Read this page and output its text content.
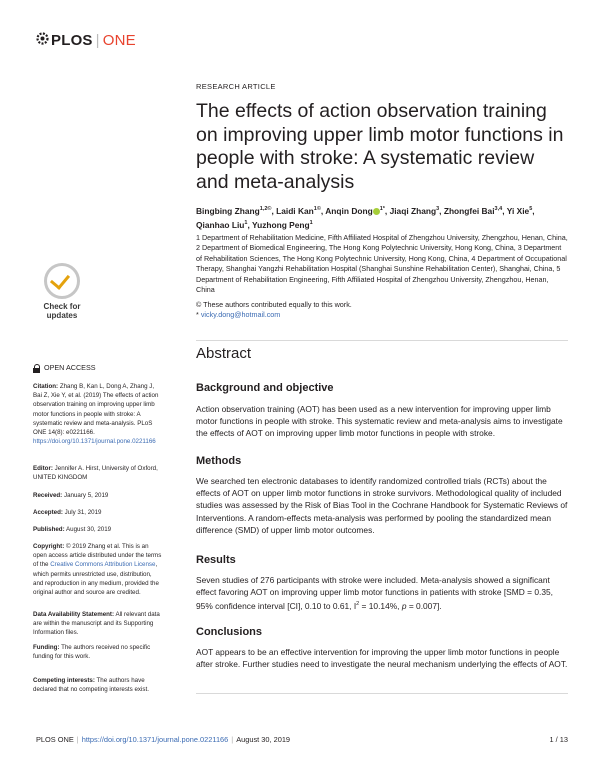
PLOS | ONE
RESEARCH ARTICLE
The effects of action observation training on improving upper limb motor functions in people with stroke: A systematic review and meta-analysis
Bingbing Zhang$^{1,2©}$, Laidi Kan$^{1©}$, Anqin Dong $^{1*}$, Jiaqi Zhang$^3$, Zhongfei Bai$^{3,4}$, Yi Xie$^5$,
Qianhao Liu$^1$, Yuzhong Peng$^1$
1 Department of Rehabilitation Medicine, Fifth Affiliated Hospital of Zhengzhou University, Zhengzhou, Henan, China, 2 Department of Biomedical Engineering, The Hong Kong Polytechnic University, Hong Kong, China, 3 Department of Rehabilitation Sciences, The Hong Kong Polytechnic University, Hong Kong, China, 4 Department of Occupational Therapy, Shanghai Yangzhi Rehabilitation Hospital (Shanghai Sunshine Rehabilitation Center), Shanghai, China, 5 Department of Rehabilitation Engineering, Fifth Affiliated Hospital of Zhengzhou University, Zhengzhou, Henan, China
© These authors contributed equally to this work.
* vicky.dong@hotmail.com
Abstract
Background and objective
Action observation training (AOT) has been used as a new intervention for improving upper limb motor functions in people with stroke. This systematic review and meta-analysis aims to investigate the effects of AOT on improving upper limb motor functions in people with stroke.
Methods
We searched ten electronic databases to identify randomized controlled trials (RCTs) about the effects of AOT on upper limb motor functions in stroke survivors. Methodological quality of included studies was assessed by the Risk of Bias Tool in the Cochrane Handbook for Systematic Reviews of Interventions. A random-effects meta-analysis was performed by pooling the standardized mean difference (SMD) of upper limb motor outcomes.
Results
Seven studies of 276 participants with stroke were included. Meta-analysis showed a significant effect favoring AOT on improving upper limb motor functions in patients with stroke [SMD = 0.35, 95% confidence interval [CI], 0.10 to 0.61, $I^2 = 10.14\%$, p = 0.007].
Conclusions
AOT appears to be an effective intervention for improving the upper limb motor functions in people after stroke. Further studies need to investigate the neural mechanism underlying the effects of AOT.
Check for
updates
OPEN ACCESS
Citation: Zhang B, Kan L, Dong A, Zhang J, Bai Z, Xie Y, et al. (2019) The effects of action observation training on improving upper limb motor functions in people with stroke: A systematic review and meta-analysis. PLoS ONE 14(8): e0221166. https://doi.org/10.1371/journal.pone.0221166
Editor: Jennifer A. Hirst, University of Oxford, UNITED KINGDOM
Received: January 5, 2019
Accepted: July 31, 2019
Published: August 30, 2019
Copyright: © 2019 Zhang et al. This is an open access article distributed under the terms of the Creative Commons Attribution License, which permits unrestricted use, distribution, and reproduction in any medium, provided the original author and source are credited.
Data Availability Statement: All relevant data are within the manuscript and its Supporting Information files.
Funding: The authors received no specific funding for this work.
Competing interests: The authors have declared that no competing interests exist.
PLOS ONE | https://doi.org/10.1371/journal.pone.0221166 | August 30, 2019	1 / 13
